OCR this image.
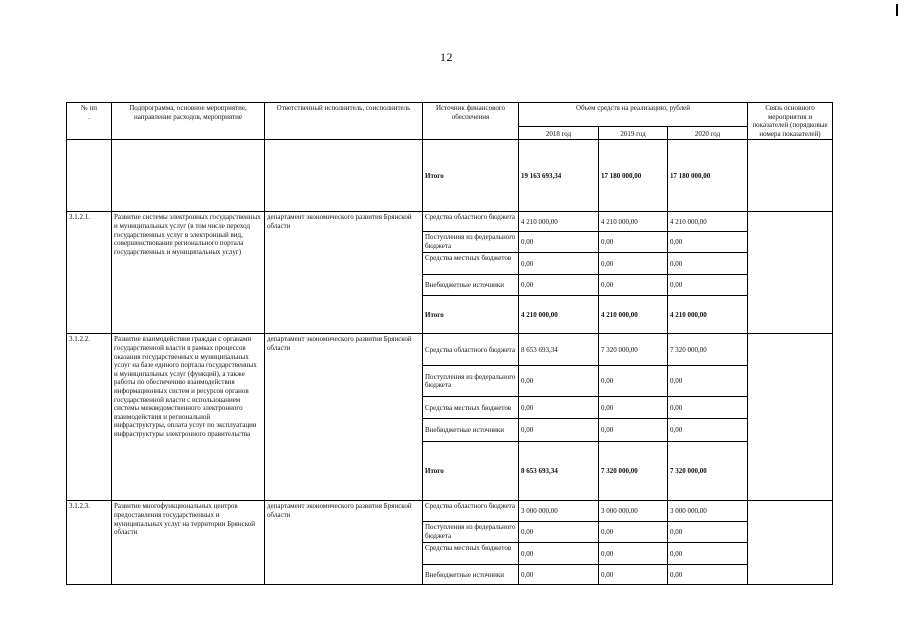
12
№ пп
.	Подпрограмма, основное мероприятие, направление расходов, мероприятие	Ответственный исполнитель, соисполнитель	Источник финансового обеспечения	Объем средств на реализацию, рублей			Связь основного мероприятия и показателей (порядковые номера показателей)
				2018 год	2019 год	2020 год	
			Итого	19 163 693,34	17 180 000,00	17 180 000,00	
3.1.2.1.	Развитие системы электронных государственных и муниципальных услуг (в том числе переход государственных услуг в электронный вид, совершенствование регионального портала государственных и муниципальных услуг)	департамент экономического развития Брянской области	Средства областного бюджета	4 210 000,00	4 210 000,00	4 210 000,00	
			Поступления из федерального бюджета	0,00	0,00	0,00	
			Средства местных бюджетов	0,00	0,00	0,00	
			Внебюджетные источники	0,00	0,00	0,00	
			Итого	4 210 000,00	4 210 000,00	4 210 000,00	
3.1.2.2.	Развитие взаимодействия граждан с органами государственной власти в рамках процессов оказания государственных и муниципальных услуг на базе единого портала государственных и муниципальных услуг (функций), а также работы по обеспечению взаимодействия информационных систем и ресурсов органов государственной власти с использованием системы межведомственного электронного взаимодействия и региональной инфраструктуры, оплата услуг по эксплуатации инфраструктуры электронного правительства	департамент экономического развития Брянской области	Средства областного бюджета	8 653 693,34	7 320 000,00	7 320 000,00	
			Поступления из федерального бюджета	0,00	0,00	0,00	
			Средства местных бюджетов	0,00	0,00	0,00	
			Внебюджетные источники	0,00	0,00	0,00	
			Итого	8 653 693,34	7 320 000,00	7 320 000,00	
3.1.2.3.	Развитие многофункциональных центров предоставления государственных и муниципальных услуг на территории Брянской области	департамент экономического развития Брянской области	Средства областного бюджета	3 000 000,00	3 000 000,00	3 000 000,00	
			Поступления из федерального бюджета	0,00	0,00	0,00	
			Средства местных бюджетов	0,00	0,00	0,00	
			Внебюджетные источники	0,00	0,00	0,00	
